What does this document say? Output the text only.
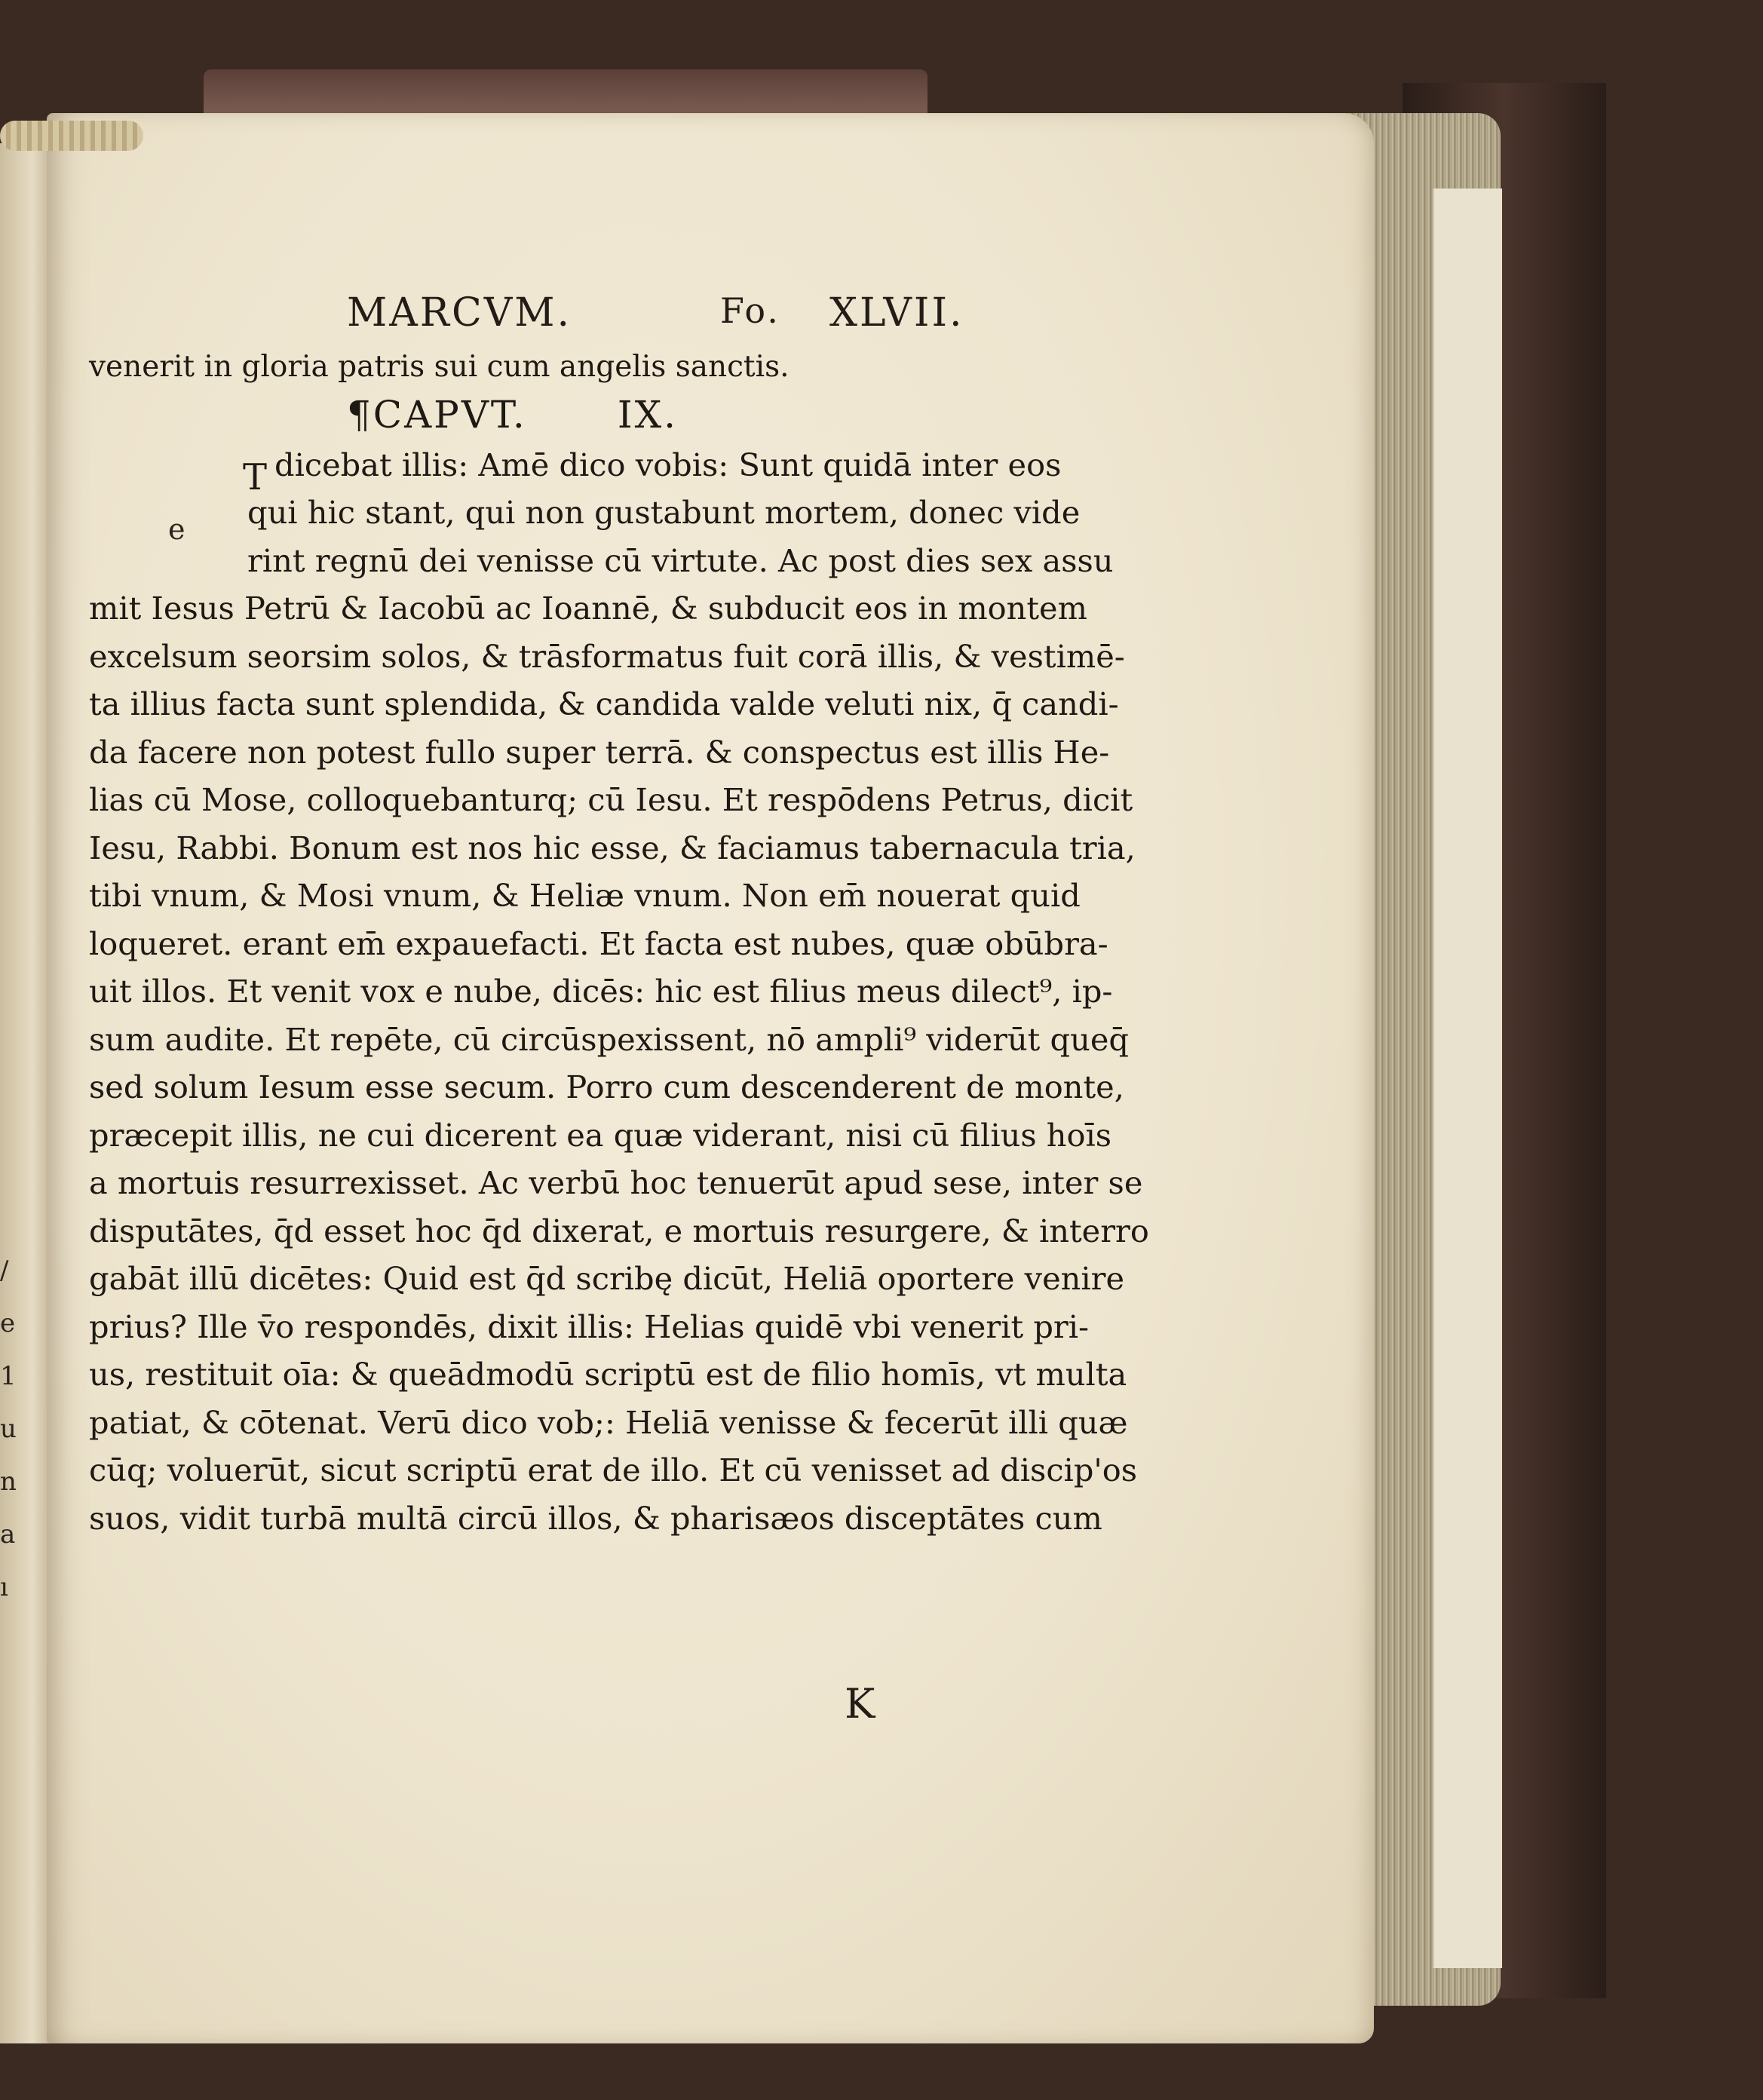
/
e
1
u
n
a
ı
MARCVM.	Fo. XLVII.
e
T
venerit in gloria patris sui cum angelis sanctis.
¶CAPVT. IX.
dicebat illis: Amē dico vobis: Sunt quidā inter eos
qui hic stant, qui non gustabunt mortem, donec vide
rint regnū dei venisse cū virtute. Ac post dies sex assu
mit Iesus Petrū & Iacobū ac Ioannē, & subducit eos in montem
excelsum seorsim solos, & trāsformatus fuit corā illis, & vestimē-
ta illius facta sunt splendida, & candida valde veluti nix, q̄ candi-
da facere non potest fullo super terrā. & conspectus est illis He-
lias cū Mose, colloquebanturq; cū Iesu. Et respōdens Petrus, dicit
Iesu, Rabbi. Bonum est nos hic esse, & faciamus tabernacula tria,
tibi vnum, & Mosi vnum, & Heliæ vnum. Non em̄ nouerat quid
loqueret. erant em̄ expauefacti. Et facta est nubes, quæ obūbra-
uit illos. Et venit vox e nube, dicēs: hic est filius meus dilect⁹, ip-
sum audite. Et repēte, cū circūspexissent, nō ampli⁹ viderūt queq̄
sed solum Iesum esse secum. Porro cum descenderent de monte,
præcepit illis, ne cui dicerent ea quæ viderant, nisi cū filius hoīs
a mortuis resurrexisset. Ac verbū hoc tenuerūt apud sese, inter se
disputātes, q̄d esset hoc q̄d dixerat, e mortuis resurgere, & interro
gabāt illū dicētes: Quid est q̄d scribę dicūt, Heliā oportere venire
prius? Ille v̄o respondēs, dixit illis: Helias quidē vbi venerit pri-
us, restituit oīa: & queādmodū scriptū est de filio homīs, vt multa
patiat, & cōtenat. Verū dico vob;: Heliā venisse & fecerūt illi quæ
cūq; voluerūt, sicut scriptū erat de illo. Et cū venisset ad discip'os
suos, vidit turbā multā circū illos, & pharisæos disceptātes cum
K
